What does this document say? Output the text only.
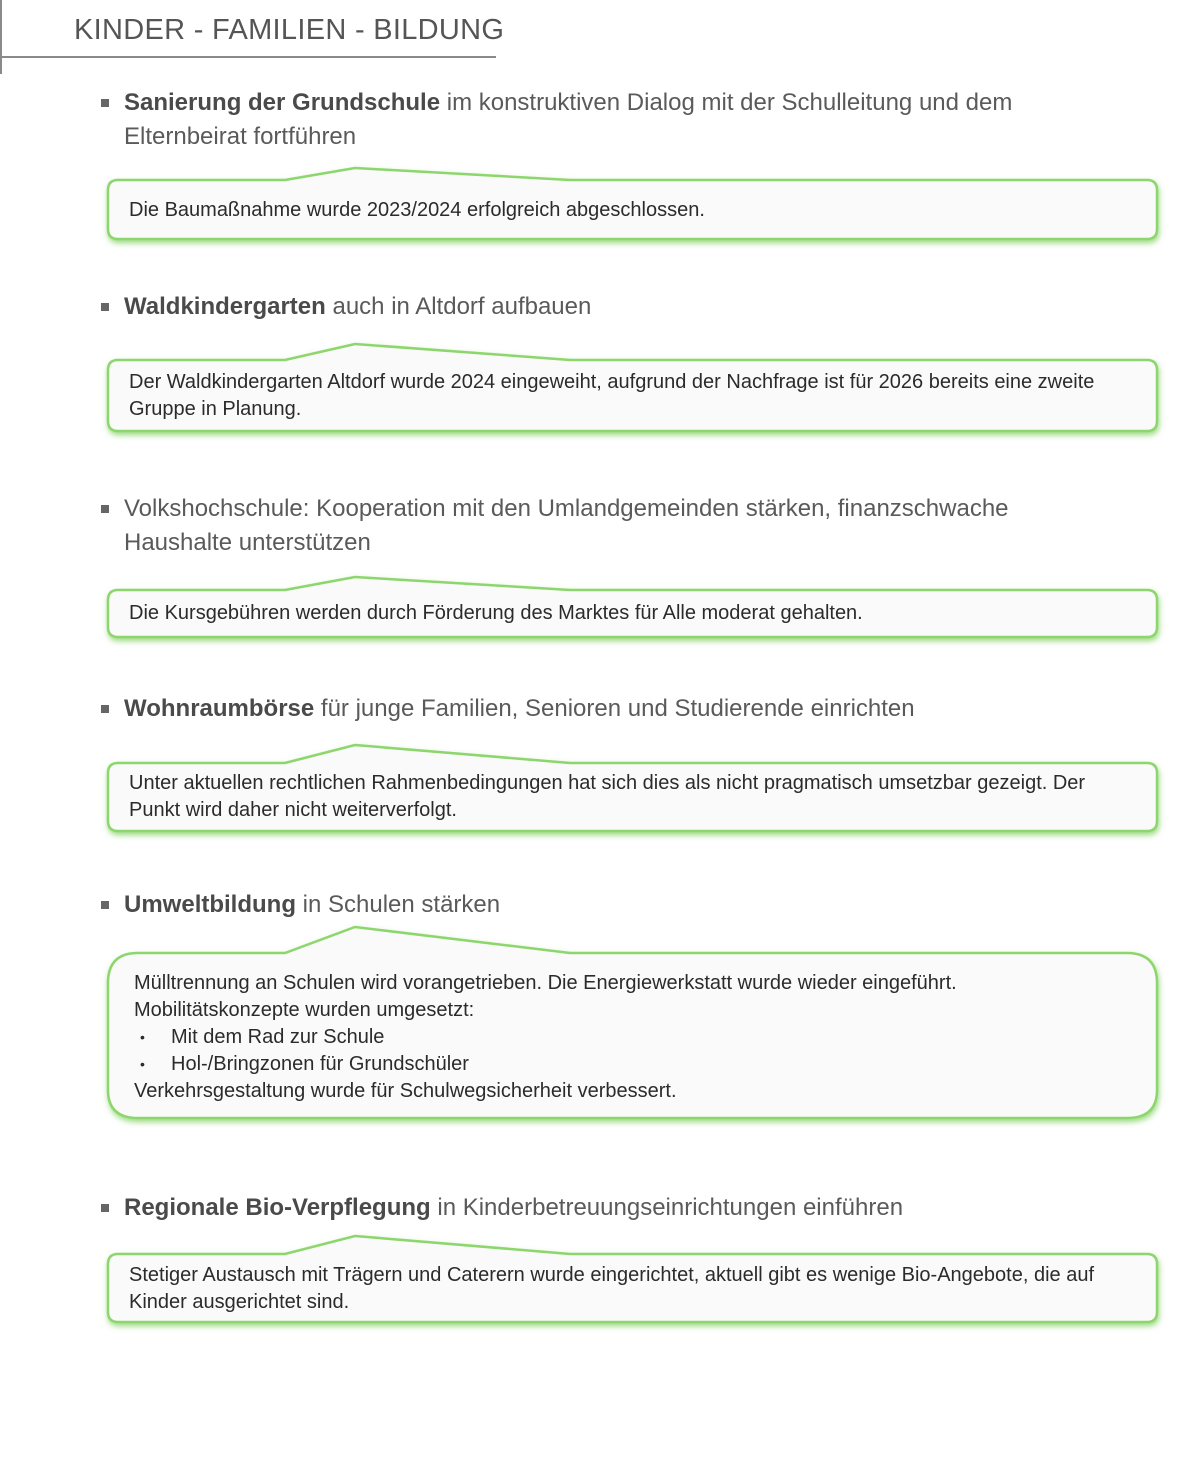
KINDER - FAMILIEN - BILDUNG
Sanierung der Grundschule im konstruktiven Dialog mit der Schulleitung und dem Elternbeirat fortführen
Die Baumaßnahme wurde 2023/2024 erfolgreich abgeschlossen.
Waldkindergarten auch in Altdorf aufbauen
Der Waldkindergarten Altdorf wurde 2024 eingeweiht, aufgrund der Nachfrage ist für 2026 bereits eine zweite Gruppe in Planung.
Volkshochschule: Kooperation mit den Umlandgemeinden stärken, finanzschwache Haushalte unterstützen
Die Kursgebühren werden durch Förderung des Marktes für Alle moderat gehalten.
Wohnraumbörse für junge Familien, Senioren und Studierende einrichten
Unter aktuellen rechtlichen Rahmenbedingungen hat sich dies als nicht pragmatisch umsetzbar gezeigt. Der Punkt wird daher nicht weiterverfolgt.
Umweltbildung in Schulen stärken
Mülltrennung an Schulen wird vorangetrieben. Die Energiewerkstatt wurde wieder eingeführt.
Mobilitätskonzepte wurden umgesetzt:
• Mit dem Rad zur Schule
• Hol-/Bringzonen für Grundschüler
Verkehrsgestaltung wurde für Schulwegsicherheit verbessert.
Regionale Bio-Verpflegung in Kinderbetreuungseinrichtungen einführen
Stetiger Austausch mit Trägern und Caterern wurde eingerichtet, aktuell gibt es wenige Bio-Angebote, die auf Kinder ausgerichtet sind.
